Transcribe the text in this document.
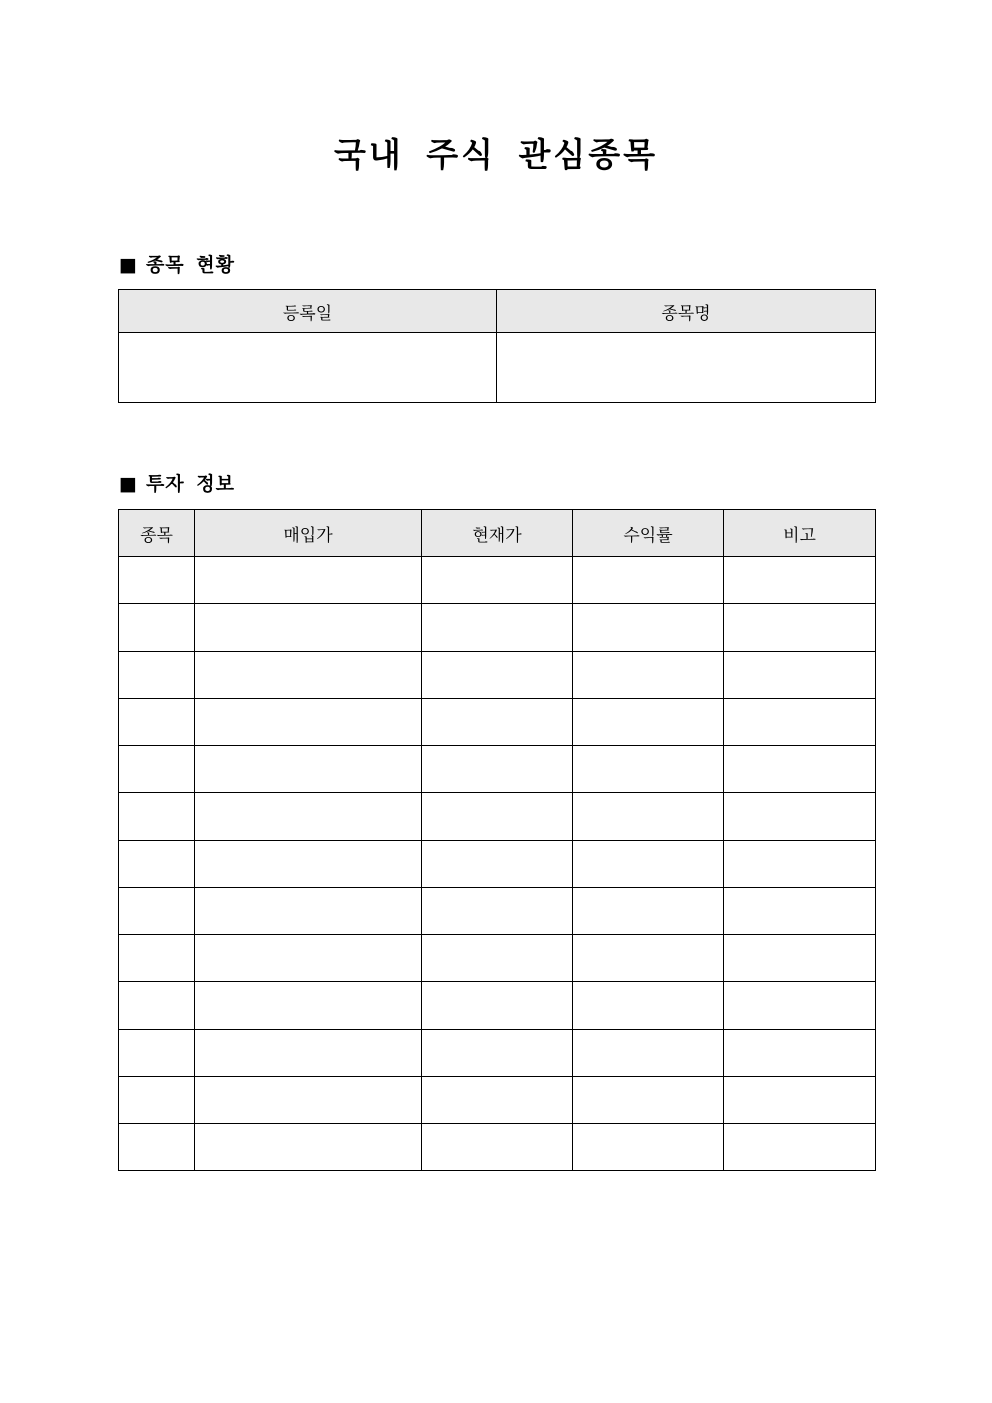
국내 주식 관심종목
■ 종목 현황
등록일	종목명

■ 투자 정보
종목	매입가	현재가	수익률	비고
